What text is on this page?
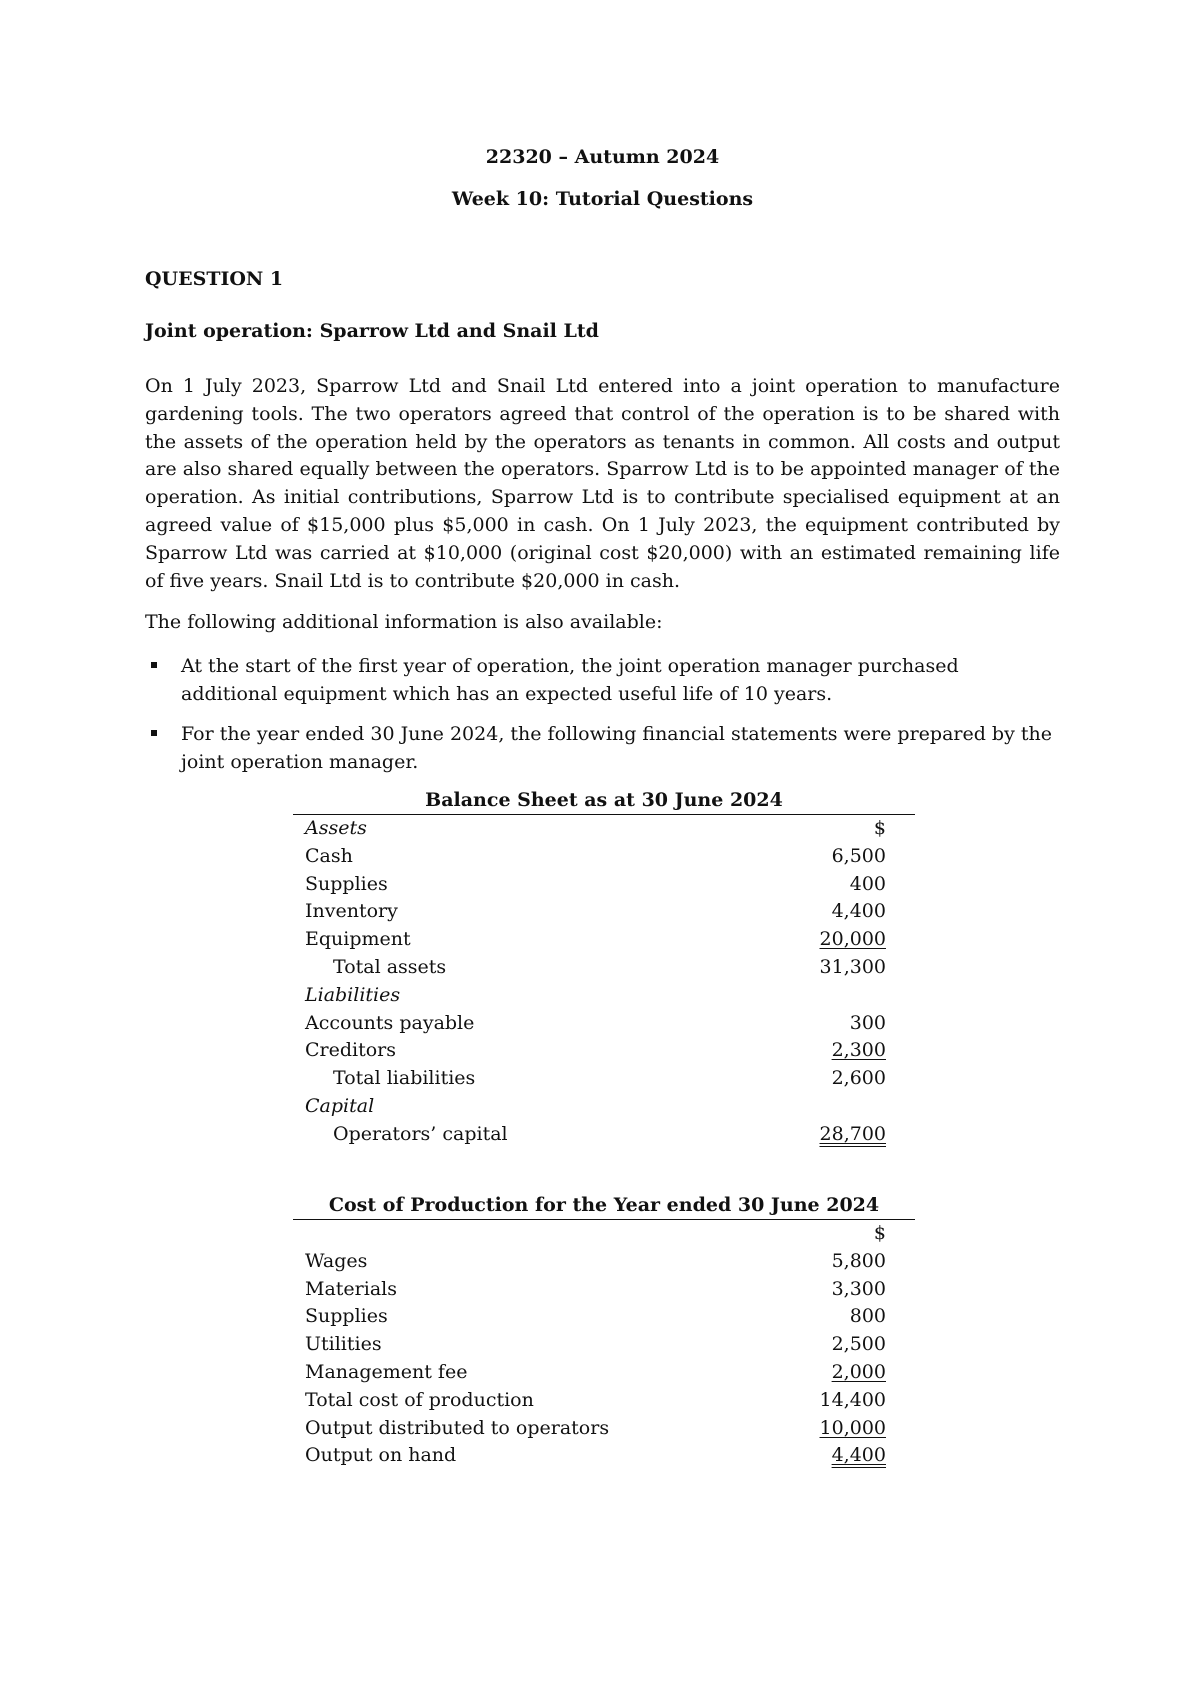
22320 – Autumn 2024
Week 10: Tutorial Questions
QUESTION 1
Joint operation: Sparrow Ltd and Snail Ltd

On 1 July 2023, Sparrow Ltd and Snail Ltd entered into a joint operation to manufacture gardening tools. The two operators agreed that control of the operation is to be shared with the assets of the operation held by the operators as tenants in common. All costs and output are also shared equally between the operators. Sparrow Ltd is to be appointed manager of the operation. As initial contributions, Sparrow Ltd is to contribute specialised equipment at an agreed value of $15,000 plus $5,000 in cash. On 1 July 2023, the equipment contributed by Sparrow Ltd was carried at $10,000 (original cost $20,000) with an estimated remaining life of five years. Snail Ltd is to contribute $20,000 in cash.

The following additional information is also available:
At the start of the first year of operation, the joint operation manager purchased additional equipment which has an expected useful life of 10 years.
For the year ended 30 June 2024, the following financial statements were prepared by the joint operation manager.
Balance Sheet as at 30 June 2024
Assets	$
Cash	6,500
Supplies	400
Inventory	4,400
Equipment	20,000
Total assets	31,300
Liabilities
Accounts payable	300
Creditors	2,300
Total liabilities	2,600
Capital
Operators’ capital	28,700
Cost of Production for the Year ended 30 June 2024
$
Wages	5,800
Materials	3,300
Supplies	800
Utilities	2,500
Management fee	2,000
Total cost of production	14,400
Output distributed to operators	10,000
Output on hand	4,400
